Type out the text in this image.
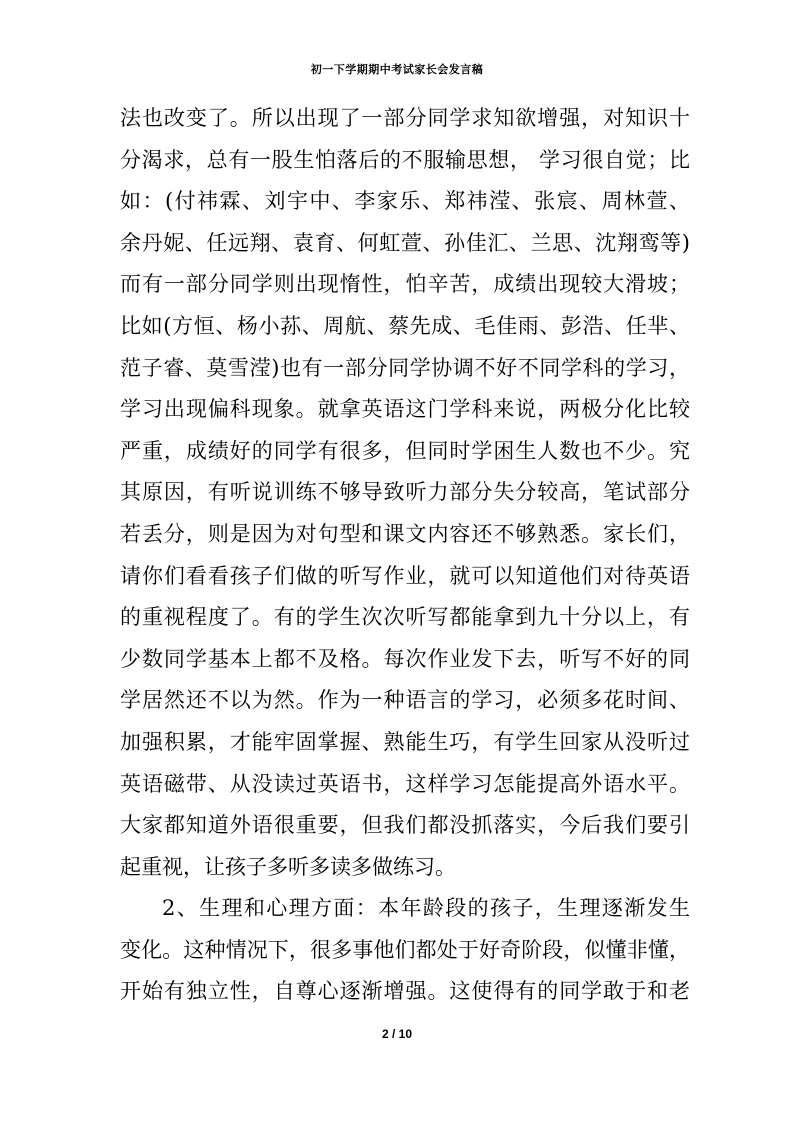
初一下学期期中考试家长会发言稿
法也改变了。所以出现了一部分同学求知欲增强，对知识十
分渴求，总有一股生怕落后的不服输思想， 学习很自觉；比
如：(付祎霖、刘宇中、李家乐、郑祎滢、张宸、周林萱、
余丹妮、任远翔、袁育、何虹萱、孙佳汇、兰思、沈翔鸾等)
而有一部分同学则出现惰性，怕辛苦，成绩出现较大滑坡；
比如(方恒、杨小荪、周航、蔡先成、毛佳雨、彭浩、任芈、
范子睿、莫雪滢)也有一部分同学协调不好不同学科的学习，
学习出现偏科现象。就拿英语这门学科来说，两极分化比较
严重，成绩好的同学有很多，但同时学困生人数也不少。究
其原因，有听说训练不够导致听力部分失分较高，笔试部分
若丢分，则是因为对句型和课文内容还不够熟悉。家长们，
请你们看看孩子们做的听写作业，就可以知道他们对待英语
的重视程度了。有的学生次次听写都能拿到九十分以上，有
少数同学基本上都不及格。每次作业发下去，听写不好的同
学居然还不以为然。作为一种语言的学习，必须多花时间、
加强积累，才能牢固掌握、熟能生巧，有学生回家从没听过
英语磁带、从没读过英语书，这样学习怎能提高外语水平。
大家都知道外语很重要，但我们都没抓落实，今后我们要引
起重视，让孩子多听多读多做练习。
2、生理和心理方面：本年龄段的孩子，生理逐渐发生
变化。这种情况下，很多事他们都处于好奇阶段，似懂非懂，
开始有独立性，自尊心逐渐增强。这使得有的同学敢于和老
2 / 10
